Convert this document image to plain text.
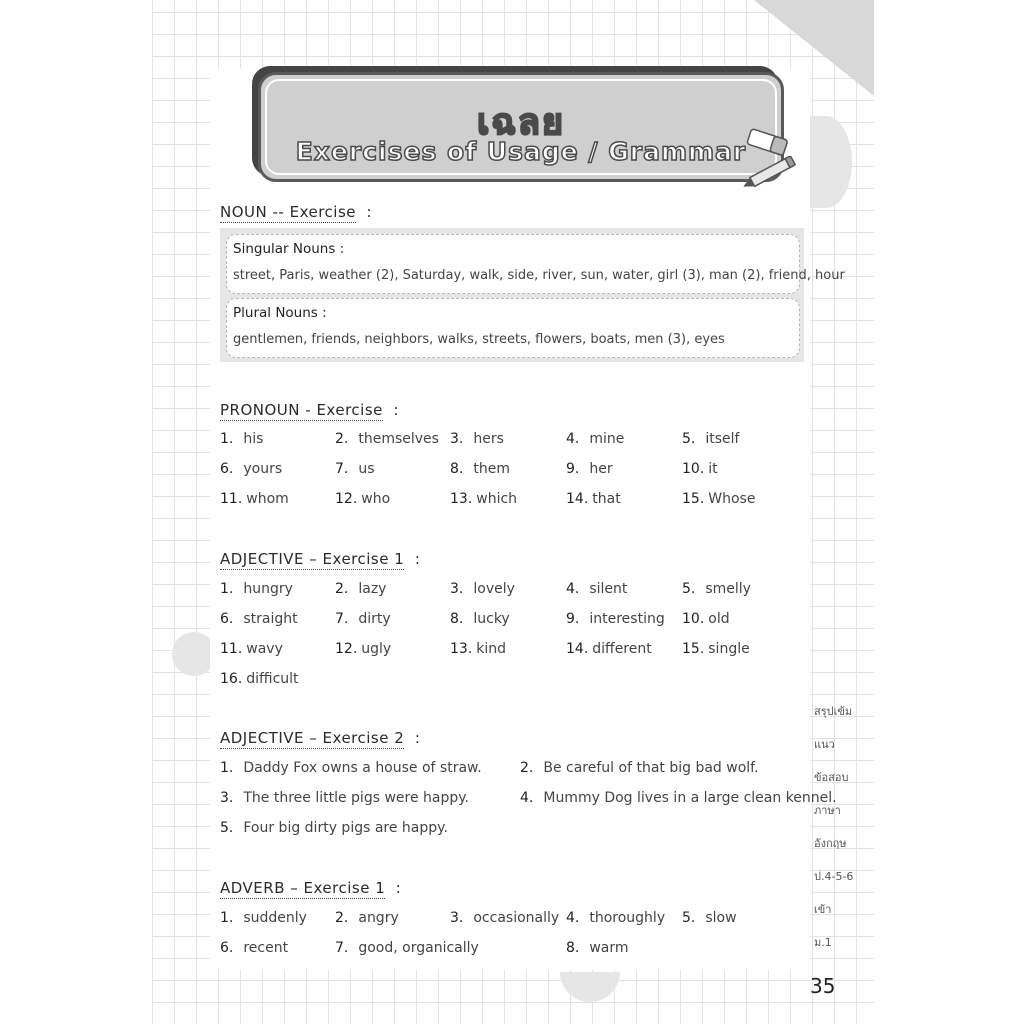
เฉลย
Exercises of Usage / Grammar
NOUN -- Exercise  :
Singular Nouns :
street, Paris, weather (2), Saturday, walk, side, river, sun, water, girl (3), man (2), friend, hour
Plural Nouns :
gentlemen, friends, neighbors, walks, streets, flowers, boats, men (3), eyes
PRONOUN - Exercise  :
1. his	2. themselves 3. hers	4. mine	5. itself
6. yours	7. us	8. them	9. her	10. it
11. whom	12. who	13. which	14. that	15. Whose
ADJECTIVE – Exercise 1  :
1. hungry	2. lazy	3. lovely	4. silent	5. smelly
6. straight	7. dirty	8. lucky	9. interesting 10. old
11. wavy	12. ugly	13. kind	14. different 15. single
16. difficult
ADJECTIVE – Exercise 2  :
1. Daddy Fox owns a house of straw.	2. Be careful of that big bad wolf.
3. The three little pigs were happy.	4. Mummy Dog lives in a large clean kennel.
5. Four big dirty pigs are happy.
ADVERB – Exercise 1  :
1. suddenly 2. angry	3. occasionally 4. thoroughly 5. slow
6. recent	7. good, organically	8. warm
สรุปเข้ม
แนว
ข้อสอบ
ภาษา
อังกฤษ
ป.4-5-6
เข้า
ม.1
35
